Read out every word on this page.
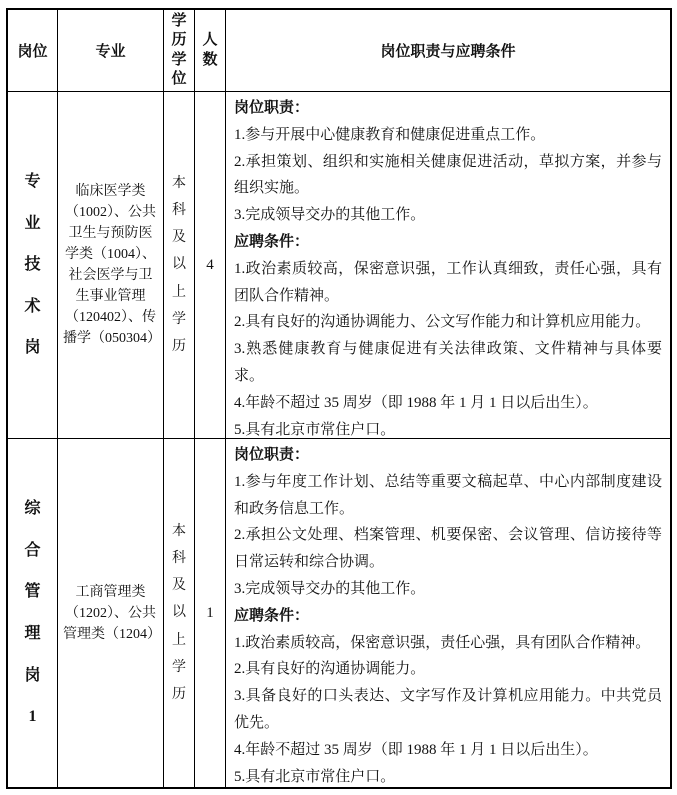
岗位	专业
学历学位
人数	岗位职责与应聘条件
专业技术岗
临床医学类（1002）、公共卫生与预防医学类（1004）、社会医学与卫生事业管理（120402）、传播学（050304）
本科及以上学历
4

岗位职责：

1.参与开展中心健康教育和健康促进重点工作。

2.承担策划、组织和实施相关健康促进活动，草拟方案，并参与组织实施。

3.完成领导交办的其他工作。

应聘条件：

1.政治素质较高，保密意识强，工作认真细致，责任心强，具有团队合作精神。

2.具有良好的沟通协调能力、公文写作能力和计算机应用能力。

3.熟悉健康教育与健康促进有关法律政策、文件精神与具体要求。

4.年龄不超过 35 周岁（即 1988 年 1 月 1 日以后出生）。

5.具有北京市常住户口。

综合管理岗1
工商管理类（1202）、公共管理类（1204）
本科及以上学历
1

岗位职责：

1.参与年度工作计划、总结等重要文稿起草、中心内部制度建设和政务信息工作。

2.承担公文处理、档案管理、机要保密、会议管理、信访接待等日常运转和综合协调。

3.完成领导交办的其他工作。

应聘条件：

1.政治素质较高，保密意识强，责任心强，具有团队合作精神。

2.具有良好的沟通协调能力。

3.具备良好的口头表达、文字写作及计算机应用能力。中共党员优先。

4.年龄不超过 35 周岁（即 1988 年 1 月 1 日以后出生）。

5.具有北京市常住户口。
